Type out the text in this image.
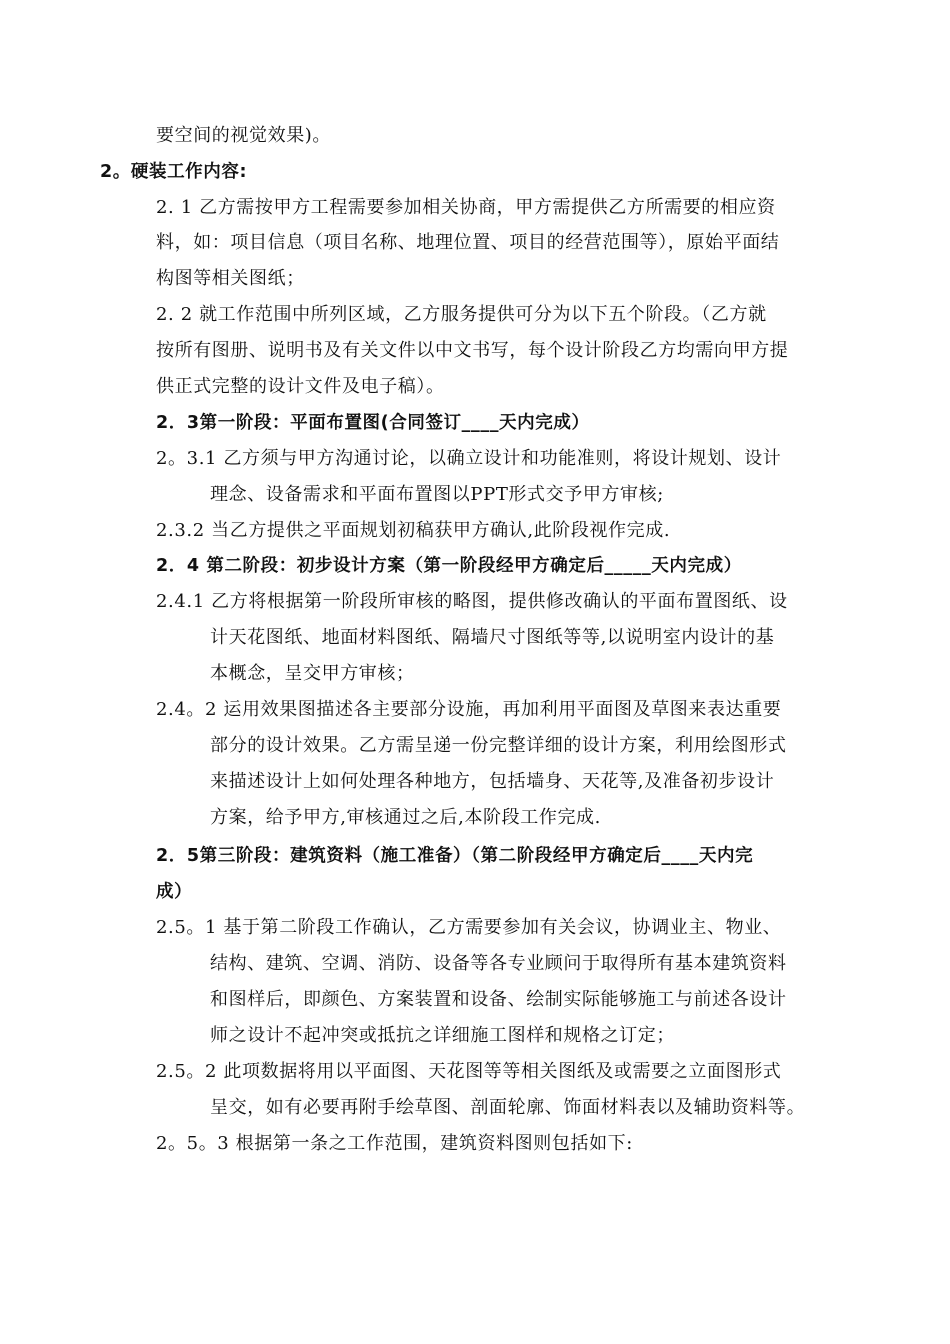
要空间的视觉效果)。
2。硬装工作内容:
2. 1 乙方需按甲方工程需要参加相关协商，甲方需提供乙方所需要的相应资
料，如：项目信息（项目名称、地理位置、项目的经营范围等），原始平面结
构图等相关图纸；
2. 2 就工作范围中所列区域，乙方服务提供可分为以下五个阶段。（乙方就
按所有图册、说明书及有关文件以中文书写，每个设计阶段乙方均需向甲方提
供正式完整的设计文件及电子稿）。
2．3第一阶段：平面布置图(合同签订____天内完成）
2。3.1 乙方须与甲方沟通讨论，以确立设计和功能准则，将设计规划、设计
理念、设备需求和平面布置图以PPT形式交予甲方审核;
2.3.2 当乙方提供之平面规划初稿获甲方确认,此阶段视作完成.
2．4 第二阶段：初步设计方案（第一阶段经甲方确定后_____天内完成）
2.4.1 乙方将根据第一阶段所审核的略图，提供修改确认的平面布置图纸、设
计天花图纸、地面材料图纸、隔墙尺寸图纸等等,以说明室内设计的基
本概念，呈交甲方审核；
2.4。2 运用效果图描述各主要部分设施，再加利用平面图及草图来表达重要
部分的设计效果。乙方需呈递一份完整详细的设计方案，利用绘图形式
来描述设计上如何处理各种地方，包括墙身、天花等,及准备初步设计
方案，给予甲方,审核通过之后,本阶段工作完成.
2．5第三阶段：建筑资料（施工准备）（第二阶段经甲方确定后____天内完
成）
2.5。1 基于第二阶段工作确认，乙方需要参加有关会议，协调业主、物业、
结构、建筑、空调、消防、设备等各专业顾问于取得所有基本建筑资料
和图样后，即颜色、方案装置和设备、绘制实际能够施工与前述各设计
师之设计不起冲突或抵抗之详细施工图样和规格之订定；
2.5。2 此项数据将用以平面图、天花图等等相关图纸及或需要之立面图形式
呈交，如有必要再附手绘草图、剖面轮廓、饰面材料表以及辅助资料等。
2。5。3 根据第一条之工作范围，建筑资料图则包括如下:
